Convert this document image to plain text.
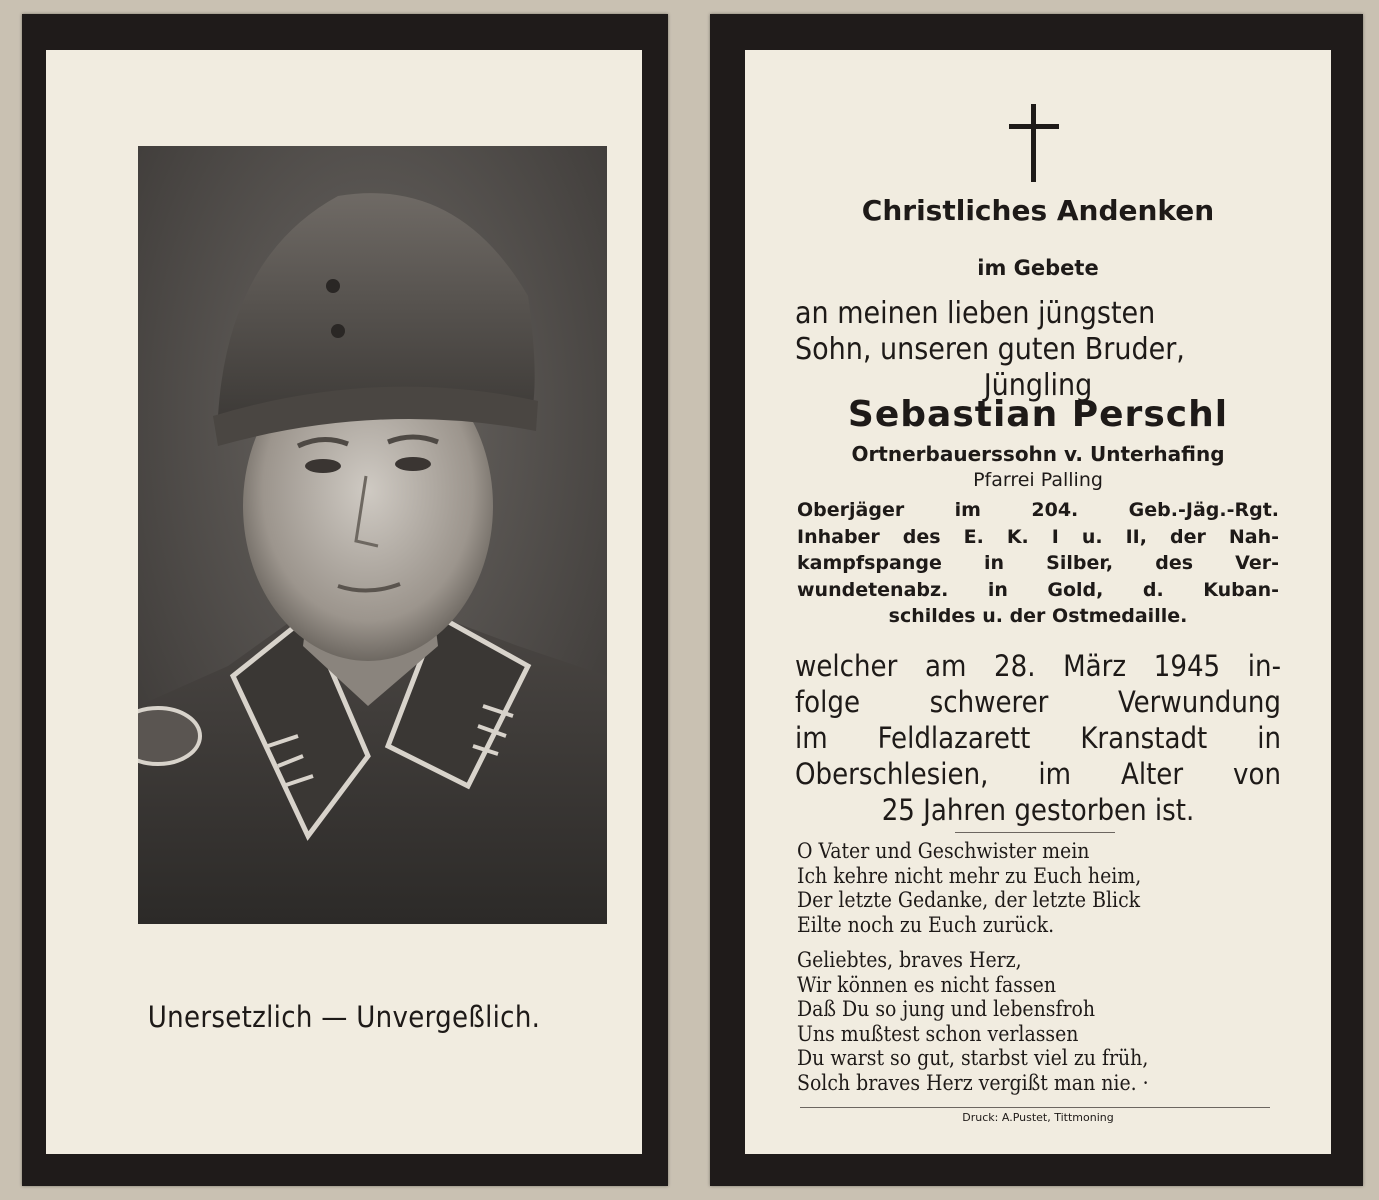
Unersetzlich — Unvergeßlich.
Christliches Andenken
im Gebete
an meinen lieben jüngsten
Sohn, unseren guten Bruder,
Jüngling
Sebastian Perschl
Ortnerbauerssohn v. Unterhafing
Pfarrei Palling
Oberjäger im 204. Geb.-Jäg.-Rgt.
Inhaber des E. K. I u. II, der Nah-
kampfspange in Silber, des Ver-
wundetenabz. in Gold, d. Kuban-
schildes u. der Ostmedaille.
welcher am 28. März 1945 in-
folge schwerer Verwundung
im Feldlazarett Kranstadt in
Oberschlesien, im Alter von
25 Jahren gestorben ist.
O Vater und Geschwister mein
Ich kehre nicht mehr zu Euch heim,
Der letzte Gedanke, der letzte Blick
Eilte noch zu Euch zurück.
Geliebtes, braves Herz,
Wir können es nicht fassen
Daß Du so jung und lebensfroh
Uns mußtest schon verlassen
Du warst so gut, starbst viel zu früh,
Solch braves Herz vergißt man nie. ·
Druck: A.Pustet, Tittmoning
